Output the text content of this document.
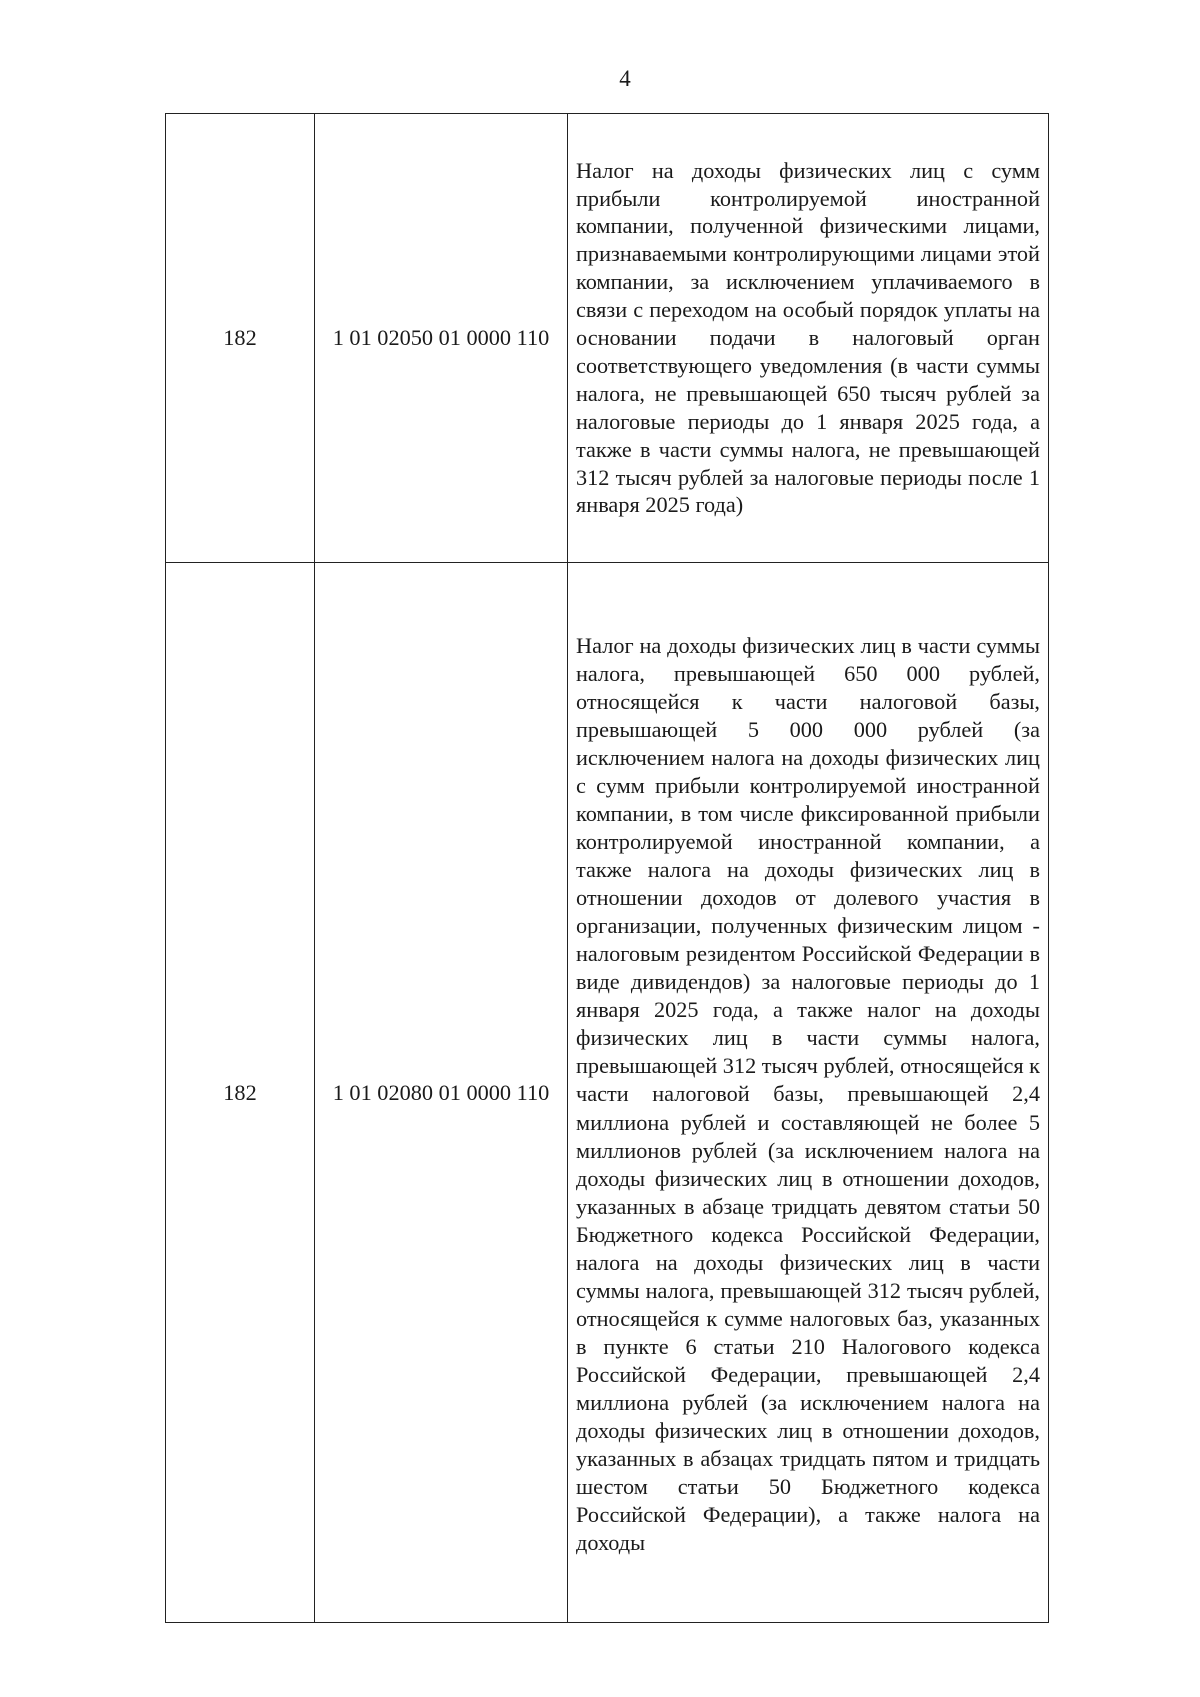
4
182	1 01 02050 01 0000 110	Налог на доходы физических лиц с сумм прибыли контролируемой иностранной компании, полученной физическими лицами, признаваемыми контролирующими лицами этой компании, за исключением уплачиваемого в связи с переходом на особый порядок уплаты на основании подачи в налоговый орган соответствующего уведомления (в части суммы налога, не превышающей 650 тысяч рублей за налоговые периоды до 1 января 2025 года, а также в части суммы налога, не превышающей 312 тысяч рублей за налоговые периоды после 1 января 2025 года)

182	1 01 02080 01 0000 110	Налог на доходы физических лиц в части суммы налога, превышающей 650 000 рублей, относящейся к части налоговой базы, превышающей 5 000 000 рублей (за исключением налога на доходы физических лиц с сумм прибыли контролируемой иностранной компании, в том числе фиксированной прибыли контролируемой иностранной компании, а также налога на доходы физических лиц в отношении доходов от долевого участия в организации, полученных физическим лицом - налоговым резидентом Российской Федерации в виде дивидендов) за налоговые периоды до 1 января 2025 года, а также налог на доходы физических лиц в части суммы налога, превышающей 312 тысяч рублей, относящейся к части налоговой базы, превышающей 2,4 миллиона рублей и составляющей не более 5 миллионов рублей (за исключением налога на доходы физических лиц в отношении доходов, указанных в абзаце тридцать девятом статьи 50 Бюджетного кодекса Российской Федерации, налога на доходы физических лиц в части суммы налога, превышающей 312 тысяч рублей, относящейся к сумме налоговых баз, указанных в пункте 6 статьи 210 Налогового кодекса Российской Федерации, превышающей 2,4 миллиона рублей (за исключением налога на доходы физических лиц в отношении доходов, указанных в абзацах тридцать пятом и тридцать шестом статьи 50 Бюджетного кодекса Российской Федерации), а также налога на доходы
